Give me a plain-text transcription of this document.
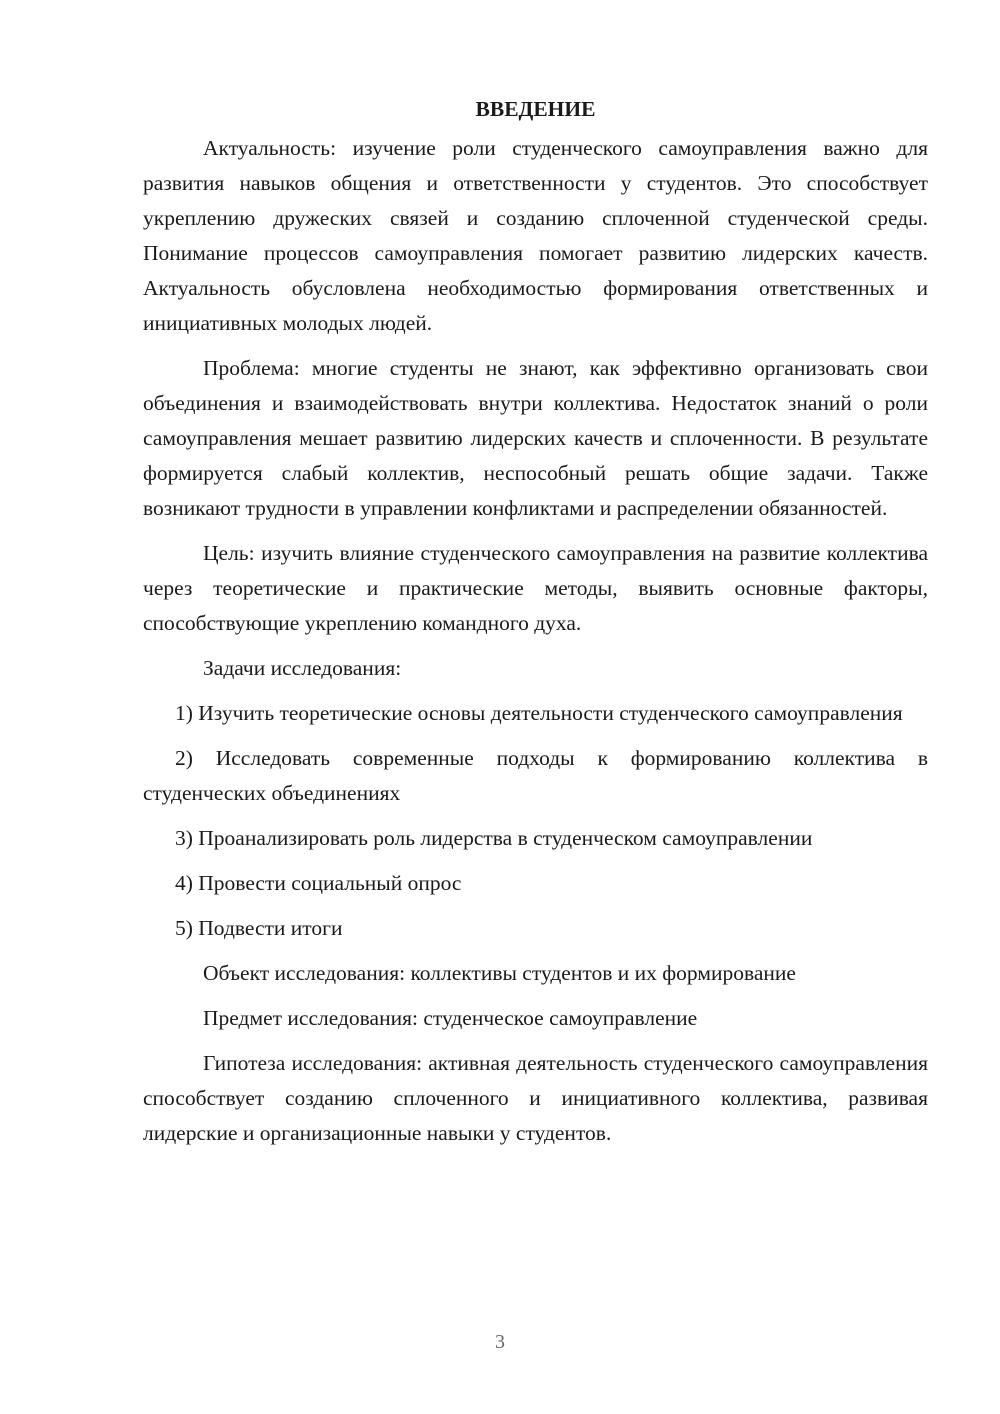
ВВЕДЕНИЕ

Актуальность: изучение роли студенческого самоуправления важно для развития навыков общения и ответственности у студентов. Это способствует укреплению дружеских связей и созданию сплоченной студенческой среды. Понимание процессов самоуправления помогает развитию лидерских качеств. Актуальность обусловлена необходимостью формирования ответственных и инициативных молодых людей.

Проблема: многие студенты не знают, как эффективно организовать свои объединения и взаимодействовать внутри коллектива. Недостаток знаний о роли самоуправления мешает развитию лидерских качеств и сплоченности. В результате формируется слабый коллектив, неспособный решать общие задачи. Также возникают трудности в управлении конфликтами и распределении обязанностей.

Цель: изучить влияние студенческого самоуправления на развитие коллектива через теоретические и практические методы, выявить основные факторы, способствующие укреплению командного духа.

Задачи исследования:

1) Изучить теоретические основы деятельности студенческого самоуправления

2) Исследовать современные подходы к формированию коллектива в студенческих объединениях

3) Проанализировать роль лидерства в студенческом самоуправлении

4) Провести социальный опрос

5) Подвести итоги

Объект исследования: коллективы студентов и их формирование

Предмет исследования: студенческое самоуправление

Гипотеза исследования: активная деятельность студенческого самоуправления способствует созданию сплоченного и инициативного коллектива, развивая лидерские и организационные навыки у студентов.

3
